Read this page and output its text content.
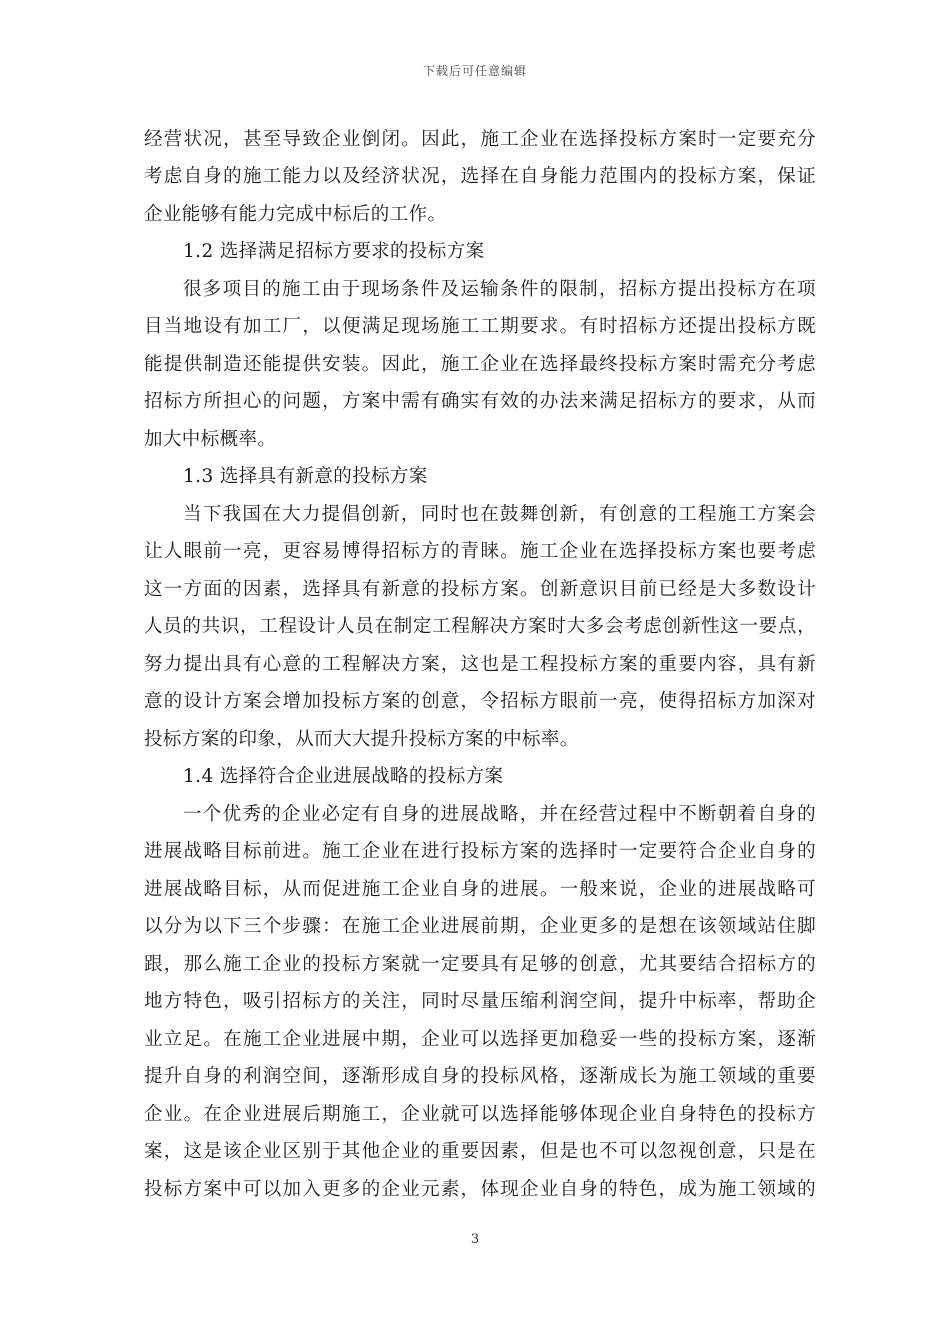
下载后可任意编辑
经营状况，甚至导致企业倒闭。因此，施工企业在选择投标方案时一定要充分
考虑自身的施工能力以及经济状况，选择在自身能力范围内的投标方案，保证
企业能够有能力完成中标后的工作。
1.2 选择满足招标方要求的投标方案
很多项目的施工由于现场条件及运输条件的限制，招标方提出投标方在项
目当地设有加工厂，以便满足现场施工工期要求。有时招标方还提出投标方既
能提供制造还能提供安装。因此，施工企业在选择最终投标方案时需充分考虑
招标方所担心的问题，方案中需有确实有效的办法来满足招标方的要求，从而
加大中标概率。
1.3 选择具有新意的投标方案
当下我国在大力提倡创新，同时也在鼓舞创新，有创意的工程施工方案会
让人眼前一亮，更容易博得招标方的青睐。施工企业在选择投标方案也要考虑
这一方面的因素，选择具有新意的投标方案。创新意识目前已经是大多数设计
人员的共识，工程设计人员在制定工程解决方案时大多会考虑创新性这一要点，
努力提出具有心意的工程解决方案，这也是工程投标方案的重要内容，具有新
意的设计方案会增加投标方案的创意，令招标方眼前一亮，使得招标方加深对
投标方案的印象，从而大大提升投标方案的中标率。
1.4 选择符合企业进展战略的投标方案
一个优秀的企业必定有自身的进展战略，并在经营过程中不断朝着自身的
进展战略目标前进。施工企业在进行投标方案的选择时一定要符合企业自身的
进展战略目标，从而促进施工企业自身的进展。一般来说，企业的进展战略可
以分为以下三个步骤：在施工企业进展前期，企业更多的是想在该领域站住脚
跟，那么施工企业的投标方案就一定要具有足够的创意，尤其要结合招标方的
地方特色，吸引招标方的关注，同时尽量压缩利润空间，提升中标率，帮助企
业立足。在施工企业进展中期，企业可以选择更加稳妥一些的投标方案，逐渐
提升自身的利润空间，逐渐形成自身的投标风格，逐渐成长为施工领域的重要
企业。在企业进展后期施工，企业就可以选择能够体现企业自身特色的投标方
案，这是该企业区别于其他企业的重要因素，但是也不可以忽视创意，只是在
投标方案中可以加入更多的企业元素，体现企业自身的特色，成为施工领域的
3
